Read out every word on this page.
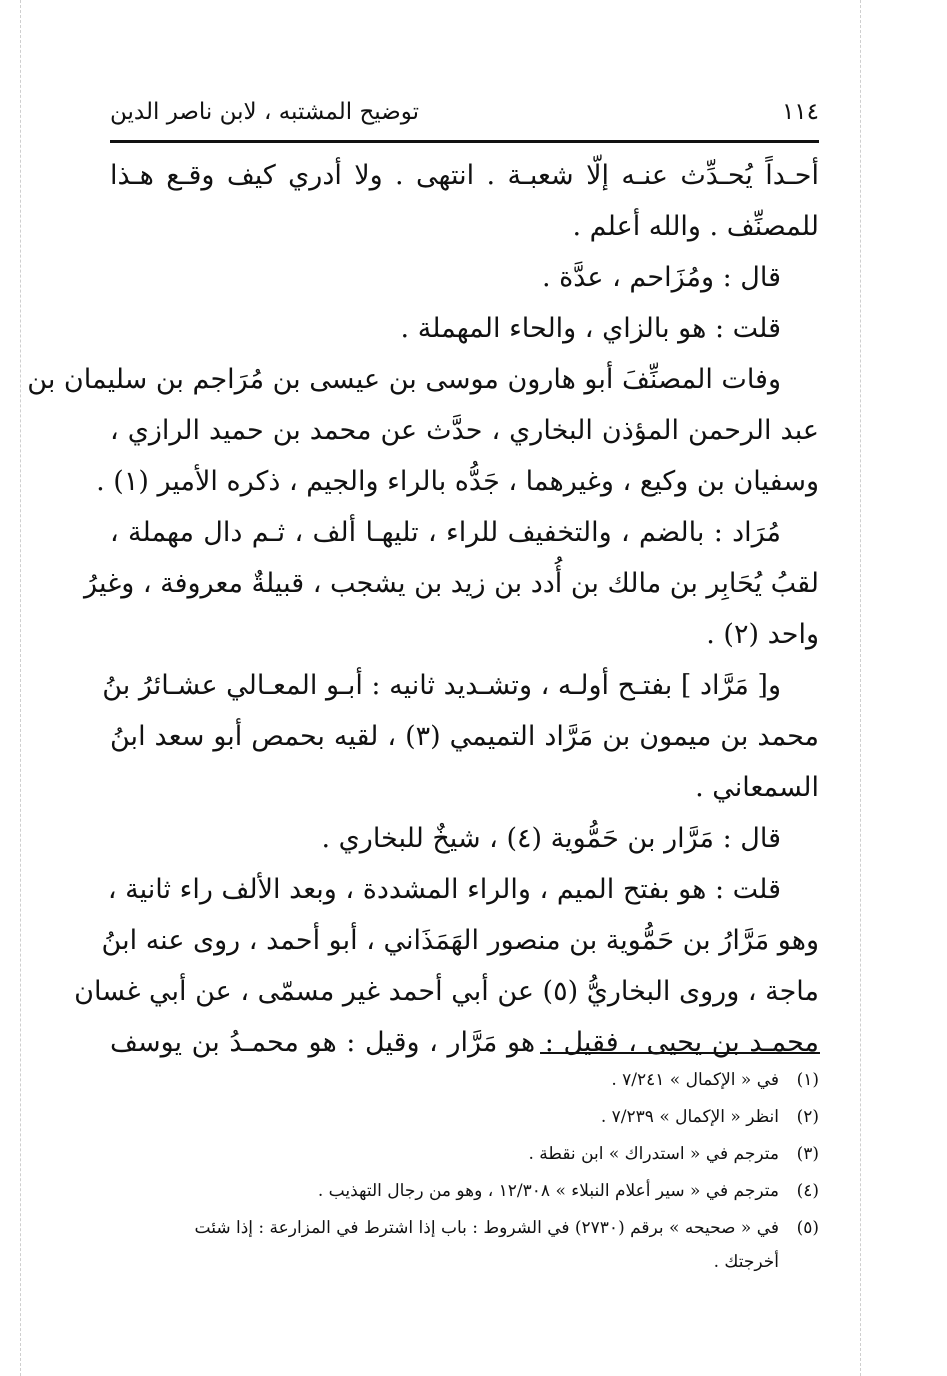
١١٤
توضيح المشتبه ، لابن ناصر الدين
أحـداً يُحـدِّث عنـه إلّا شعبـة . انتهى . ولا أدري كيف وقـع هـذا
للمصنِّف . والله أعلم .
قال : ومُزَاحم ، عدَّة .
قلت : هو بالزاي ، والحاء المهملة .
وفات المصنِّفَ أبو هارون موسى بن عيسى بن مُرَاجم بن سليمان بن
عبد الرحمن المؤذن البخاري ، حدَّث عن محمد بن حميد الرازي ،
وسفيان بن وكيع ، وغيرهما ، جَدُّه بالراء والجيم ، ذكره الأمير (١) .
مُرَاد : بالضم ، والتخفيف للراء ، تليهـا ألف ، ثـم دال مهملة ،
لقبُ يُحَابِر بن مالك بن أُدد بن زيد بن يشجب ، قبيلةٌ معروفة ، وغيرُ
واحد (٢) .
و[ مَرَّاد ] بفتـح أولـه ، وتشـديد ثانيه : أبـو المعـالي عشـائرُ بنُ
محمد بن ميمون بن مَرَّاد التميمي (٣) ، لقيه بحمص أبو سعد ابنُ
السمعاني .
قال : مَرَّار بن حَمُّوية (٤) ، شيخٌ للبخاري .
قلت : هو بفتح الميم ، والراء المشددة ، وبعد الألف راء ثانية ،
وهو مَرَّارُ بن حَمُّوية بن منصور الهَمَذَاني ، أبو أحمد ، روى عنه ابنُ
ماجة ، وروى البخاريُّ (٥) عن أبي أحمد غير مسمّى ، عن أبي غسان
محمـد بن يحيى ، فقيل : هو مَرَّار ، وقيل : هو محمـدُ بن يوسف
(١)
في « الإكمال » ٧/٢٤١ .
(٢)
انظر « الإكمال » ٧/٢٣٩ .
(٣)
مترجم في « استدراك » ابن نقطة .
(٤)
مترجم في « سير أعلام النبلاء » ١٢/٣٠٨ ، وهو من رجال التهذيب .
(٥)
في « صحيحه » برقم (٢٧٣٠) في الشروط : باب إذا اشترط في المزارعة : إذا شئت
أخرجتك .
